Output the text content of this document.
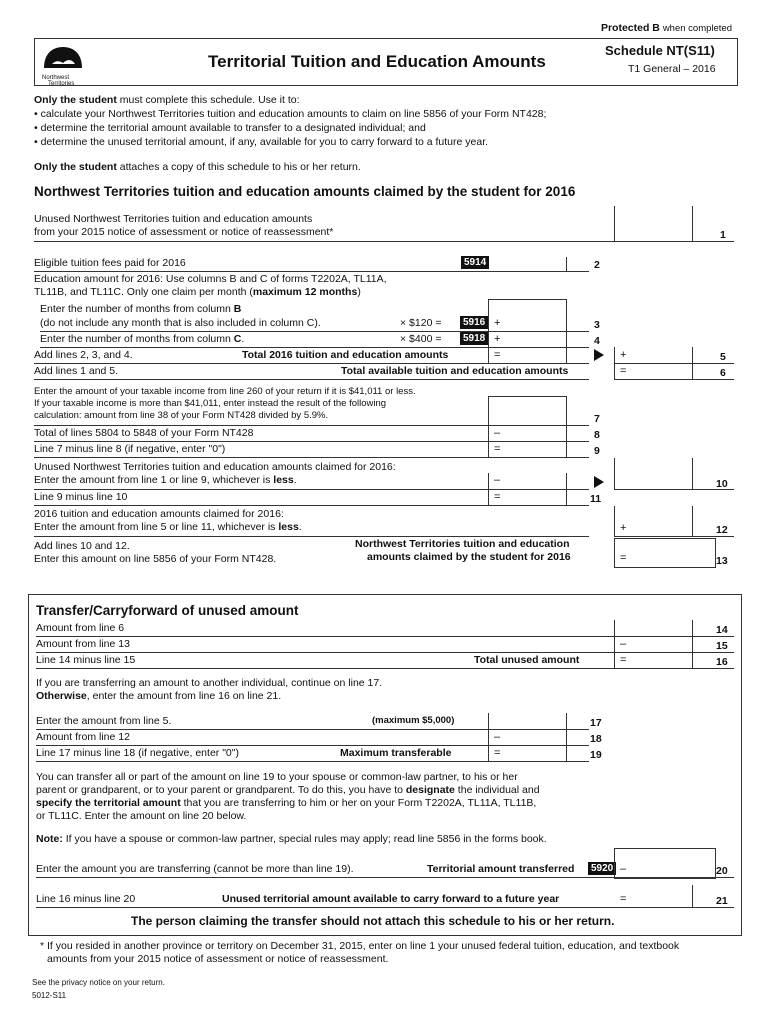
Protected B when completed
Northwest
Territories
Territorial Tuition and Education Amounts
Schedule NT(S11)
T1 General – 2016
Only the student must complete this schedule. Use it to:
• calculate your Northwest Territories tuition and education amounts to claim on line 5856 of your Form NT428;
• determine the territorial amount available to transfer to a designated individual; and
• determine the unused territorial amount, if any, available for you to carry forward to a future year.
Only the student attaches a copy of this schedule to his or her return.
Northwest Territories tuition and education amounts claimed by the student for 2016
Unused Northwest Territories tuition and education amounts
from your 2015 notice of assessment or notice of reassessment*	1
Eligible tuition fees paid for 2016	5914	2
Education amount for 2016: Use columns B and C of forms T2202A, TL11A,
TL11B, and TL11C. Only one claim per month (maximum 12 months)
Enter the number of months from column B
(do not include any month that is also included in column C).	× $120 =	5916 +	3
Enter the number of months from column C.	× $400 =	5918 +	4
Add lines 2, 3, and 4.	Total 2016 tuition and education amounts	=	+	5
Add lines 1 and 5.	Total available tuition and education amounts	=	6
Enter the amount of your taxable income from line 260 of your return if it is $41,011 or less.
If your taxable income is more than $41,011, enter instead the result of the following
calculation: amount from line 38 of your Form NT428 divided by 5.9%.	7
Total of lines 5804 to 5848 of your Form NT428	–	8
Line 7 minus line 8 (if negative, enter "0")	=	9
Unused Northwest Territories tuition and education amounts claimed for 2016:
Enter the amount from line 1 or line 9, whichever is less.	–	10
Line 9 minus line 10	=	11
2016 tuition and education amounts claimed for 2016:
Enter the amount from line 5 or line 11, whichever is less.	+	12
Add lines 10 and 12.
Enter this amount on line 5856 of your Form NT428.
Northwest Territories tuition and education
amounts claimed by the student for 2016	=	13
Transfer/Carryforward of unused amount
Amount from line 6	14
Amount from line 13	–	15
Line 14 minus line 15	Total unused amount	=	16
If you are transferring an amount to another individual, continue on line 17.
Otherwise, enter the amount from line 16 on line 21.
Enter the amount from line 5.	(maximum $5,000)	17
Amount from line 12	–	18
Line 17 minus line 18 (if negative, enter "0")	Maximum transferable	=	19
You can transfer all or part of the amount on line 19 to your spouse or common-law partner, to his or her
parent or grandparent, or to your parent or grandparent. To do this, you have to designate the individual and
specify the territorial amount that you are transferring to him or her on your Form T2202A, TL11A, TL11B,
or TL11C. Enter the amount on line 20 below.
Note: If you have a spouse or common-law partner, special rules may apply; read line 5856 in the forms book.
Enter the amount you are transferring (cannot be more than line 19).	Territorial amount transferred	5920 –	20
Line 16 minus line 20	Unused territorial amount available to carry forward to a future year	=	21
The person claiming the transfer should not attach this schedule to his or her return.
* If you resided in another province or territory on December 31, 2015, enter on line 1 your unused federal tuition, education, and textbook
amounts from your 2015 notice of assessment or notice of reassessment.
See the privacy notice on your return.
5012-S11
